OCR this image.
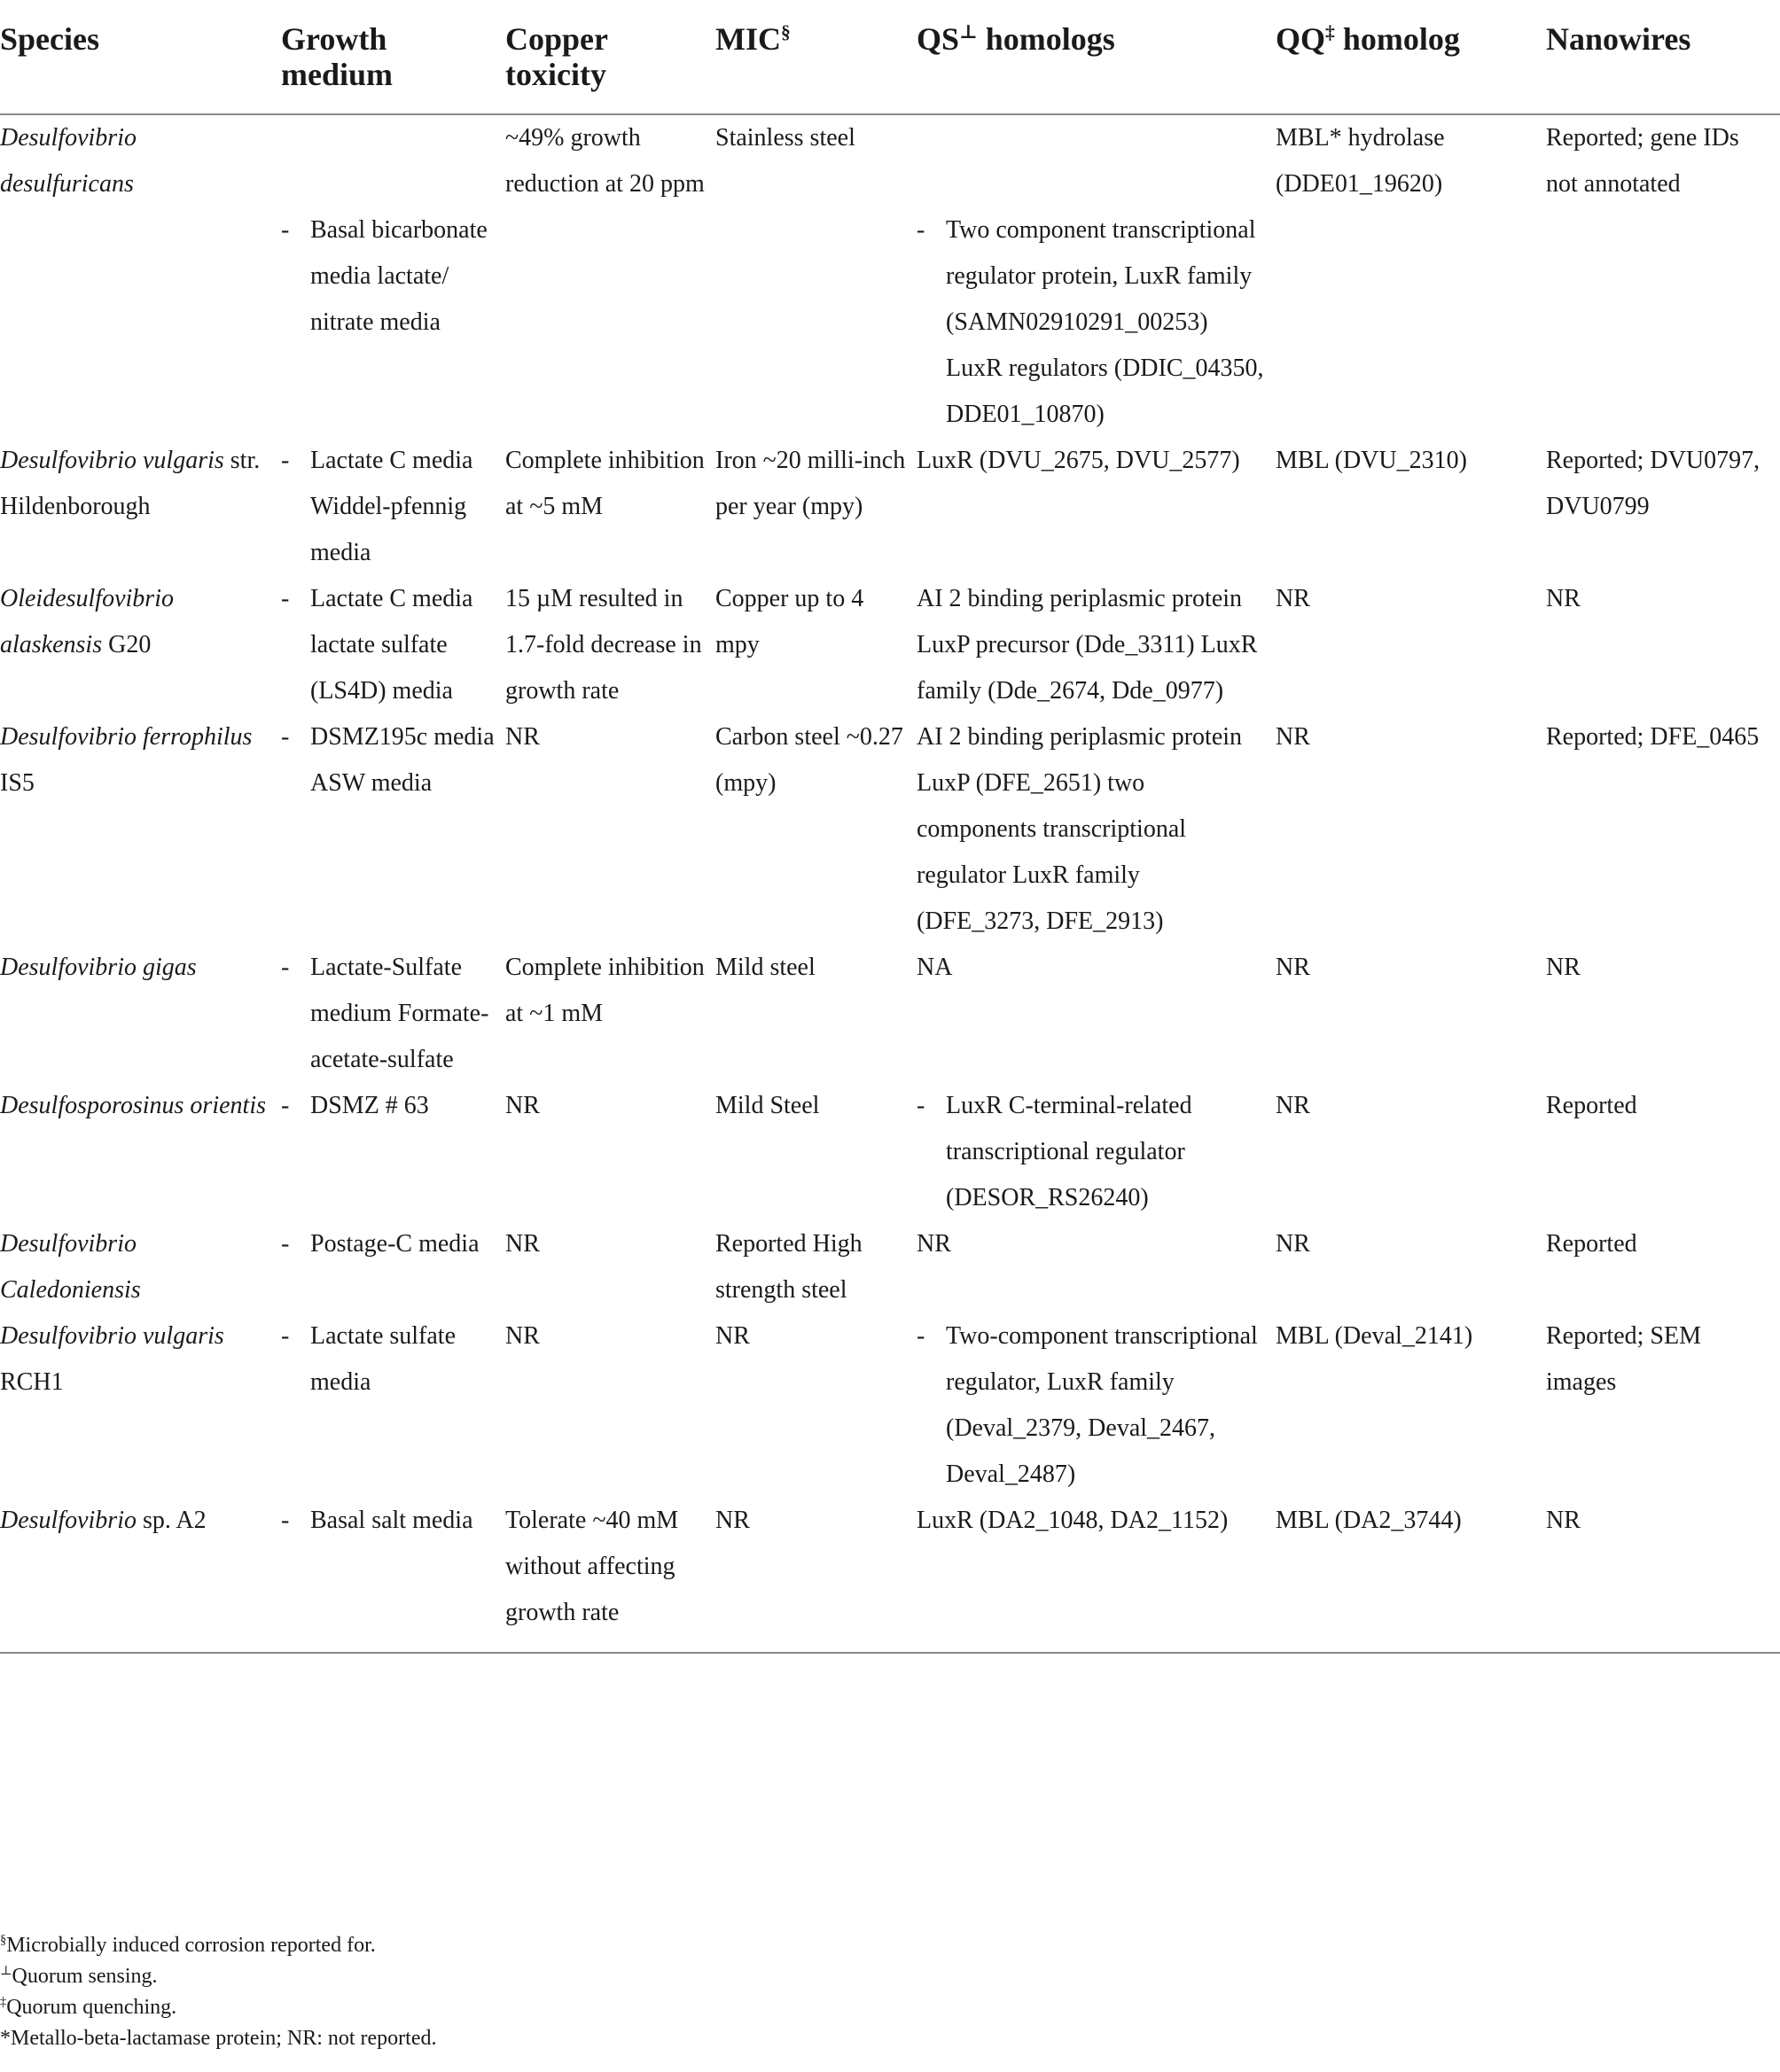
Species	Growth medium	Copper toxicity	MIC§	QS⊥ homologs	QQ‡ homolog	Nanowires

Desulfovibrio desulfuricans	- Basal bicarbonate media lactate/ nitrate media	~49% growth reduction at 20 ppm	Stainless steel	- Two component transcriptional regulator protein, LuxR family (SAMN02910291_00253) LuxR regulators (DDIC_04350, DDE01_10870)	MBL* hydrolase (DDE01_19620)	Reported; gene IDs not annotated

Desulfovibrio vulgaris str. Hildenborough	- Lactate C media Widdel-pfennig media	Complete inhibition at ~5 mM	Iron ~20 milli-inch per year (mpy)	LuxR (DVU_2675, DVU_2577)	MBL (DVU_2310)	Reported; DVU0797, DVU0799

Oleidesulfovibrio alaskensis G20	- Lactate C media lactate sulfate (LS4D) media	15 µM resulted in 1.7-fold decrease in growth rate	Copper up to 4 mpy	AI 2 binding periplasmic protein LuxP precursor (Dde_3311) LuxR family (Dde_2674, Dde_0977)	NR	NR

Desulfovibrio ferrophilus IS5	- DSMZ195c media ASW media	NR	Carbon steel ~0.27 (mpy)	AI 2 binding periplasmic protein LuxP (DFE_2651) two components transcriptional regulator LuxR family (DFE_3273, DFE_2913)	NR	Reported; DFE_0465

Desulfovibrio gigas	- Lactate-Sulfate medium Formate-acetate-sulfate	Complete inhibition at ~1 mM	Mild steel	NA	NR	NR

Desulfosporosinus orientis	- DSMZ # 63	NR	Mild Steel	- LuxR C-terminal-related transcriptional regulator (DESOR_RS26240)	NR	Reported

Desulfovibrio Caledoniensis	- Postage-C media	NR	Reported High strength steel	NR	NR	Reported

Desulfovibrio vulgaris RCH1	- Lactate sulfate media	NR	NR	- Two-component transcriptional regulator, LuxR family (Deval_2379, Deval_2467, Deval_2487)	MBL (Deval_2141)	Reported; SEM images

Desulfovibrio sp. A2	- Basal salt media	Tolerate ~40 mM without affecting growth rate	NR	LuxR (DA2_1048, DA2_1152)	MBL (DA2_3744)	NR
§Microbially induced corrosion reported for.
⊥Quorum sensing.
‡Quorum quenching.
*Metallo-beta-lactamase protein; NR: not reported.
